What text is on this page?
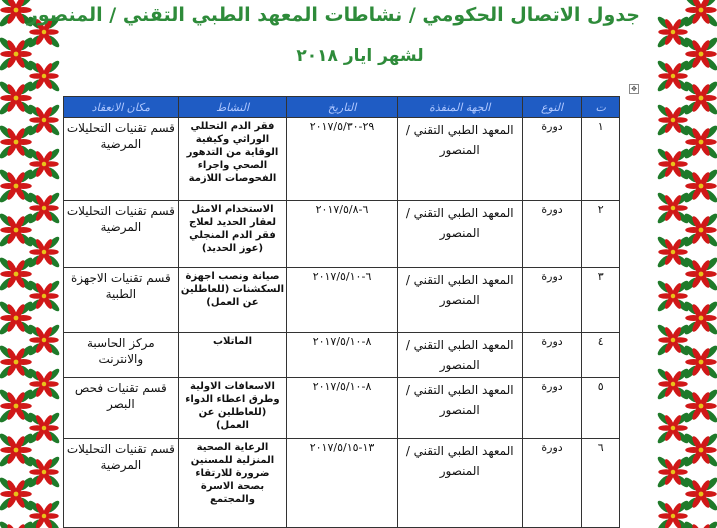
جدول الاتصال الحكومي / نشاطات المعهد الطبي التقني / المنصور
لشهر ايار ٢٠١٨
✥
ت	النوع	الجهة المنفذة	التاريخ	النشاط	مكان الانعقاد
١	دورة	المعهد الطبي التقني / المنصور	٢٩-٢٠١٧/٥/٣٠	فقر الدم التحللي الوراثي وكيفية الوقاية من التدهور الصحي واجراء الفحوصات اللازمة	قسم تقنيات التحليلات المرضية
٢	دورة	المعهد الطبي التقني / المنصور	٦-٢٠١٧/٥/٨	الاستخدام الامثل لعقار الحديد لعلاج فقر الدم المنجلي (عوز الحديد)	قسم تقنيات التحليلات المرضية
٣	دورة	المعهد الطبي التقني / المنصور	٦-٢٠١٧/٥/١٠	صيانة ونصب اجهزة السكشنات (للعاطلين عن العمل)	قسم تقنيات الاجهزة الطبية
٤	دورة	المعهد الطبي التقني / المنصور	٨-٢٠١٧/٥/١٠	الماتلاب	مركز الحاسبة والانترنت
٥	دورة	المعهد الطبي التقني / المنصور	٨-٢٠١٧/٥/١٠	الاسعافات الاولية وطرق اعطاء الدواء (للعاطلين عن العمل)	قسم تقنيات فحص البصر
٦	دورة	المعهد الطبي التقني / المنصور	١٣-٢٠١٧/٥/١٥	الرعاية الصحية المنزلية للمسنين ضرورة للارتقاء بصحة الاسرة والمجتمع	قسم تقنيات التحليلات المرضية
